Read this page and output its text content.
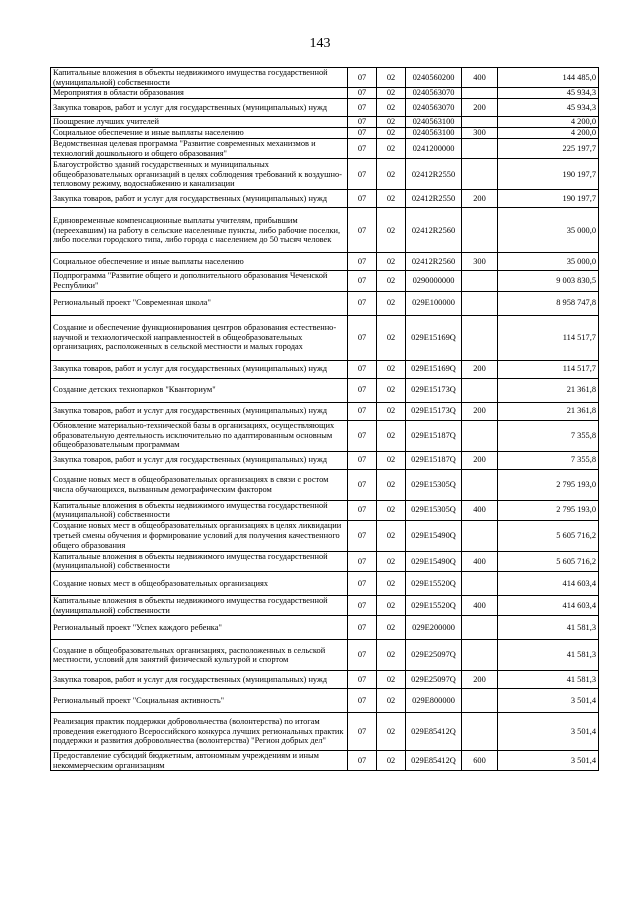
143
Капитальные вложения в объекты недвижимого имущества государственной (муниципальной) собственности	07	02	0240560200	400	144 485,0
Мероприятия в области образования	07	02	0240563070		45 934,3
Закупка товаров, работ и услуг для государственных (муниципальных) нужд	07	02	0240563070	200	45 934,3
Поощрение лучших учителей	07	02	0240563100		4 200,0
Социальное обеспечение и иные выплаты населению	07	02	0240563100	300	4 200,0
Ведомственная целевая программа "Развитие современных механизмов и технологий дошкольного и общего образования"	07	02	0241200000		225 197,7
Благоустройство зданий государственных и муниципальных общеобразовательных организаций в целях соблюдения требований к воздушно-тепловому режиму, водоснабжению и канализации	07	02	02412R2550		190 197,7
Закупка товаров, работ и услуг для государственных (муниципальных) нужд	07	02	02412R2550	200	190 197,7
Единовременные компенсационные выплаты учителям, прибывшим (переехавшим) на работу в сельские населенные пункты, либо рабочие поселки, либо поселки городского типа, либо города с населением до 50 тысяч человек	07	02	02412R2560		35 000,0
Социальное обеспечение и иные выплаты населению	07	02	02412R2560	300	35 000,0
Подпрограмма "Развитие общего и дополнительного образования Чеченской Республики"	07	02	0290000000		9 003 830,5
Региональный проект "Современная школа"	07	02	029E100000		8 958 747,8
Создание и обеспечение функционирования центров образования естественно-научной и технологической направленностей в общеобразовательных организациях, расположенных в сельской местности и малых городах	07	02	029E15169Q		114 517,7
Закупка товаров, работ и услуг для государственных (муниципальных) нужд	07	02	029E15169Q	200	114 517,7
Создание детских технопарков "Кванториум"	07	02	029E15173Q		21 361,8
Закупка товаров, работ и услуг для государственных (муниципальных) нужд	07	02	029E15173Q	200	21 361,8
Обновление материально-технической базы в организациях, осуществляющих образовательную деятельность исключительно по адаптированным основным общеобразовательным программам	07	02	029E15187Q		7 355,8
Закупка товаров, работ и услуг для государственных (муниципальных) нужд	07	02	029E15187Q	200	7 355,8
Создание новых мест в общеобразовательных организациях в связи с ростом числа обучающихся, вызванным демографическим фактором	07	02	029E15305Q		2 795 193,0
Капитальные вложения в объекты недвижимого имущества государственной (муниципальной) собственности	07	02	029E15305Q	400	2 795 193,0
Создание новых мест в общеобразовательных организациях в целях ликвидации третьей смены обучения и формирование условий для получения качественного общего образования	07	02	029E15490Q		5 605 716,2
Капитальные вложения в объекты недвижимого имущества государственной (муниципальной) собственности	07	02	029E15490Q	400	5 605 716,2
Создание новых мест в общеобразовательных организациях	07	02	029E15520Q		414 603,4
Капитальные вложения в объекты недвижимого имущества государственной (муниципальной) собственности	07	02	029E15520Q	400	414 603,4
Региональный проект "Успех каждого ребенка"	07	02	029E200000		41 581,3
Создание в общеобразовательных организациях, расположенных в сельской местности, условий для занятий физической культурой и спортом	07	02	029E25097Q		41 581,3
Закупка товаров, работ и услуг для государственных (муниципальных) нужд	07	02	029E25097Q	200	41 581,3
Региональный проект "Социальная активность"	07	02	029E800000		3 501,4
Реализация практик поддержки добровольчества (волонтерства) по итогам проведения ежегодного Всероссийского конкурса лучших региональных практик поддержки и развития добровольчества (волонтерства) "Регион добрых дел"	07	02	029E85412Q		3 501,4
Предоставление субсидий бюджетным, автономным учреждениям и иным некоммерческим организациям	07	02	029E85412Q	600	3 501,4
